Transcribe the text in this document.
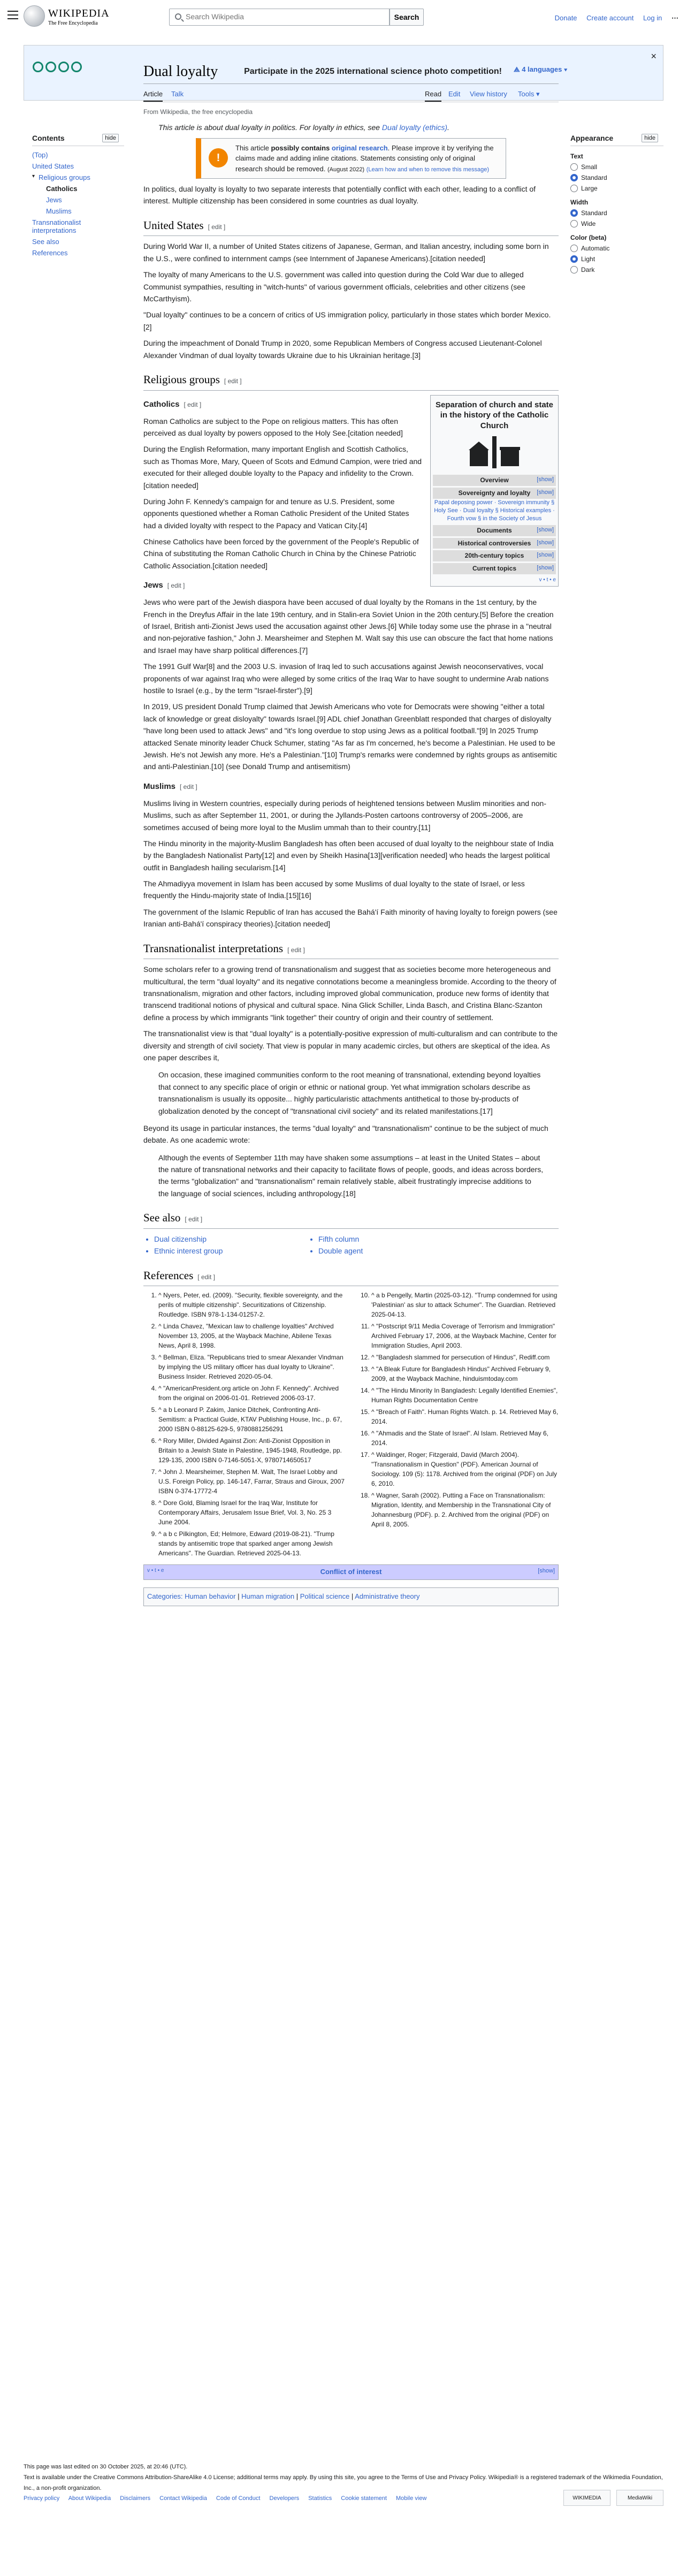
WIKIPEDIA
The Free Encyclopedia
Search Wikipedia
Search	Donate Create account Log in ⋯
Participate in the 2025 international science photo competition!
×
Dual loyalty	⟁ 4 languages ▾
Article Talk	Read Edit View history Tools ▾
Contents	hide
(Top)
United States
▾ Religious groups
Catholics
Jews
Muslims
Transnationalist interpretations
See also
References
Appearance	hide
Text
Small
Standard
Large
Width
Standard
Wide
Color (beta)
Automatic
Light
Dark
From Wikipedia, the free encyclopedia
This article is about dual loyalty in politics. For loyalty in ethics, see Dual loyalty (ethics).
!
This article possibly contains original research. Please improve it by verifying the claims made and adding inline citations. Statements consisting only of original research should be removed. (August 2022) (Learn how and when to remove this message)

In politics, dual loyalty is loyalty to two separate interests that potentially conflict with each other, leading to a conflict of interest. Multiple citizenship has been considered in some countries as dual loyalty.

United States [ edit ]

During World War II, a number of United States citizens of Japanese, German, and Italian ancestry, including some born in the U.S., were confined to internment camps (see Internment of Japanese Americans).[citation needed]

The loyalty of many Americans to the U.S. government was called into question during the Cold War due to alleged Communist sympathies, resulting in "witch-hunts" of various government officials, celebrities and other citizens (see McCarthyism).

"Dual loyalty" continues to be a concern of critics of US immigration policy, particularly in those states which border Mexico.[2]

During the impeachment of Donald Trump in 2020, some Republican Members of Congress accused Lieutenant-Colonel Alexander Vindman of dual loyalty towards Ukraine due to his Ukrainian heritage.[3]

Religious groups [ edit ]
Separation of church and state in the history of the Catholic Church
Overview	[show]
Sovereignty and loyalty [show]
Papal deposing power · Sovereign immunity § Holy See · Dual loyalty § Historical examples · Fourth vow § in the Society of Jesus
Documents	[show]
Historical controversies [show]
20th-century topics [show]
Current topics	[show]
v • t • e
Catholics [ edit ]

Roman Catholics are subject to the Pope on religious matters. This has often perceived as dual loyalty by powers opposed to the Holy See.[citation needed]

During the English Reformation, many important English and Scottish Catholics, such as Thomas More, Mary, Queen of Scots and Edmund Campion, were tried and executed for their alleged double loyalty to the Papacy and infidelity to the Crown.[citation needed]

During John F. Kennedy's campaign for and tenure as U.S. President, some opponents questioned whether a Roman Catholic President of the United States had a divided loyalty with respect to the Papacy and Vatican City.[4]

Chinese Catholics have been forced by the government of the People's Republic of China of substituting the Roman Catholic Church in China by the Chinese Patriotic Catholic Association.[citation needed]

Jews [ edit ]

Jews who were part of the Jewish diaspora have been accused of dual loyalty by the Romans in the 1st century, by the French in the Dreyfus Affair in the late 19th century, and in Stalin-era Soviet Union in the 20th century.[5] Before the creation of Israel, British anti-Zionist Jews used the accusation against other Jews.[6] While today some use the phrase in a "neutral and non-pejorative fashion," John J. Mearsheimer and Stephen M. Walt say this use can obscure the fact that home nations and Israel may have sharp political differences.[7]

The 1991 Gulf War[8] and the 2003 U.S. invasion of Iraq led to such accusations against Jewish neoconservatives, vocal proponents of war against Iraq who were alleged by some critics of the Iraq War to have sought to undermine Arab nations hostile to Israel (e.g., by the term "Israel-firster").[9]

In 2019, US president Donald Trump claimed that Jewish Americans who vote for Democrats were showing "either a total lack of knowledge or great disloyalty" towards Israel.[9] ADL chief Jonathan Greenblatt responded that charges of disloyalty "have long been used to attack Jews" and "it's long overdue to stop using Jews as a political football."[9] In 2025 Trump attacked Senate minority leader Chuck Schumer, stating "As far as I'm concerned, he's become a Palestinian. He used to be Jewish. He's not Jewish any more. He's a Palestinian."[10] Trump's remarks were condemned by rights groups as antisemitic and anti-Palestinian.[10] (see Donald Trump and antisemitism)

Muslims [ edit ]

Muslims living in Western countries, especially during periods of heightened tensions between Muslim minorities and non-Muslims, such as after September 11, 2001, or during the Jyllands-Posten cartoons controversy of 2005–2006, are sometimes accused of being more loyal to the Muslim ummah than to their country.[11]

The Hindu minority in the majority-Muslim Bangladesh has often been accused of dual loyalty to the neighbour state of India by the Bangladesh Nationalist Party[12] and even by Sheikh Hasina[13][verification needed] who heads the largest political outfit in Bangladesh hailing secularism.[14]

The Ahmadiyya movement in Islam has been accused by some Muslims of dual loyalty to the state of Israel, or less frequently the Hindu-majority state of India.[15][16]

The government of the Islamic Republic of Iran has accused the Bahá'í Faith minority of having loyalty to foreign powers (see Iranian anti-Bahá'í conspiracy theories).[citation needed]

Transnationalist interpretations [ edit ]

Some scholars refer to a growing trend of transnationalism and suggest that as societies become more heterogeneous and multicultural, the term "dual loyalty" and its negative connotations become a meaningless bromide. According to the theory of transnationalism, migration and other factors, including improved global communication, produce new forms of identity that transcend traditional notions of physical and cultural space. Nina Glick Schiller, Linda Basch, and Cristina Blanc-Szanton define a process by which immigrants "link together" their country of origin and their country of settlement.

The transnationalist view is that "dual loyalty" is a potentially-positive expression of multi-culturalism and can contribute to the diversity and strength of civil society. That view is popular in many academic circles, but others are skeptical of the idea. As one paper describes it,

On occasion, these imagined communities conform to the root meaning of transnational, extending beyond loyalties that connect to any specific place of origin or ethnic or national group. Yet what immigration scholars describe as transnationalism is usually its opposite... highly particularistic attachments antithetical to those by-products of globalization denoted by the concept of "transnational civil society" and its related manifestations.[17]

Beyond its usage in particular instances, the terms "dual loyalty" and "transnationalism" continue to be the subject of much debate. As one academic wrote:

Although the events of September 11th may have shaken some assumptions – at least in the United States – about the nature of transnational networks and their capacity to facilitate flows of people, goods, and ideas across borders, the terms "globalization" and "transnationalism" remain relatively stable, albeit frustratingly imprecise additions to the language of social sciences, including anthropology.[18]
See also [ edit ]
• Dual citizenship
• Ethnic interest group
• Fifth column
• Double agent
References [ edit ]
1. ^ Nyers, Peter, ed. (2009). "Security, flexible sovereignty, and the perils of multiple citizenship". Securitizations of Citizenship. Routledge. ISBN 978-1-134-01257-2.
2. ^ Linda Chavez, "Mexican law to challenge loyalties" Archived November 13, 2005, at the Wayback Machine, Abilene Texas News, April 8, 1998.
3. ^ Bellman, Eliza. "Republicans tried to smear Alexander Vindman by implying the US military officer has dual loyalty to Ukraine". Business Insider. Retrieved 2020-05-04.
4. ^ "AmericanPresident.org article on John F. Kennedy". Archived from the original on 2006-01-01. Retrieved 2006-03-17.
5. ^ a b Leonard P. Zakim, Janice Ditchek, Confronting Anti-Semitism: a Practical Guide, KTAV Publishing House, Inc., p. 67, 2000 ISBN 0-88125-629-5, 9780881256291
6. ^ Rory Miller, Divided Against Zion: Anti-Zionist Opposition in Britain to a Jewish State in Palestine, 1945-1948, Routledge, pp. 129-135, 2000 ISBN 0-7146-5051-X, 9780714650517
7. ^ John J. Mearsheimer, Stephen M. Walt, The Israel Lobby and U.S. Foreign Policy, pp. 146-147, Farrar, Straus and Giroux, 2007 ISBN 0-374-17772-4
8. ^ Dore Gold, Blaming Israel for the Iraq War, Institute for Contemporary Affairs, Jerusalem Issue Brief, Vol. 3, No. 25 3 June 2004.
9. ^ a b c Pilkington, Ed; Helmore, Edward (2019-08-21). "Trump stands by antisemitic trope that sparked anger among Jewish Americans". The Guardian. Retrieved 2025-04-13.
10. ^ a b Pengelly, Martin (2025-03-12). "Trump condemned for using 'Palestinian' as slur to attack Schumer". The Guardian. Retrieved 2025-04-13.
11. ^ "Postscript 9/11 Media Coverage of Terrorism and Immigration" Archived February 17, 2006, at the Wayback Machine, Center for Immigration Studies, April 2003.
12. ^ "Bangladesh slammed for persecution of Hindus", Rediff.com
13. ^ "A Bleak Future for Bangladesh Hindus" Archived February 9, 2009, at the Wayback Machine, hinduismtoday.com
14. ^ "The Hindu Minority In Bangladesh: Legally Identified Enemies", Human Rights Documentation Centre
15. ^ "Breach of Faith". Human Rights Watch. p. 14. Retrieved May 6, 2014.
16. ^ "Ahmadis and the State of Israel". Al Islam. Retrieved May 6, 2014.
17. ^ Waldinger, Roger; Fitzgerald, David (March 2004). "Transnationalism in Question" (PDF). American Journal of Sociology. 109 (5): 1178. Archived from the original (PDF) on July 6, 2010.
18. ^ Wagner, Sarah (2002). Putting a Face on Transnationalism: Migration, Identity, and Membership in the Transnational City of Johannesburg (PDF). p. 2. Archived from the original (PDF) on April 8, 2005.
v • t • e	Conflict of interest	[show]
Categories: Human behavior | Human migration | Political science | Administrative theory
This page was last edited on 30 October 2025, at 20:46 (UTC).
Text is available under the Creative Commons Attribution-ShareAlike 4.0 License; additional terms may apply. By using this site, you agree to the Terms of Use and Privacy Policy. Wikipedia® is a registered trademark of the Wikimedia Foundation, Inc., a non-profit organization.
Privacy policy About Wikipedia Disclaimers Contact Wikipedia Code of Conduct Developers Statistics Cookie statement Mobile view	WIKIMEDIA	MediaWiki
